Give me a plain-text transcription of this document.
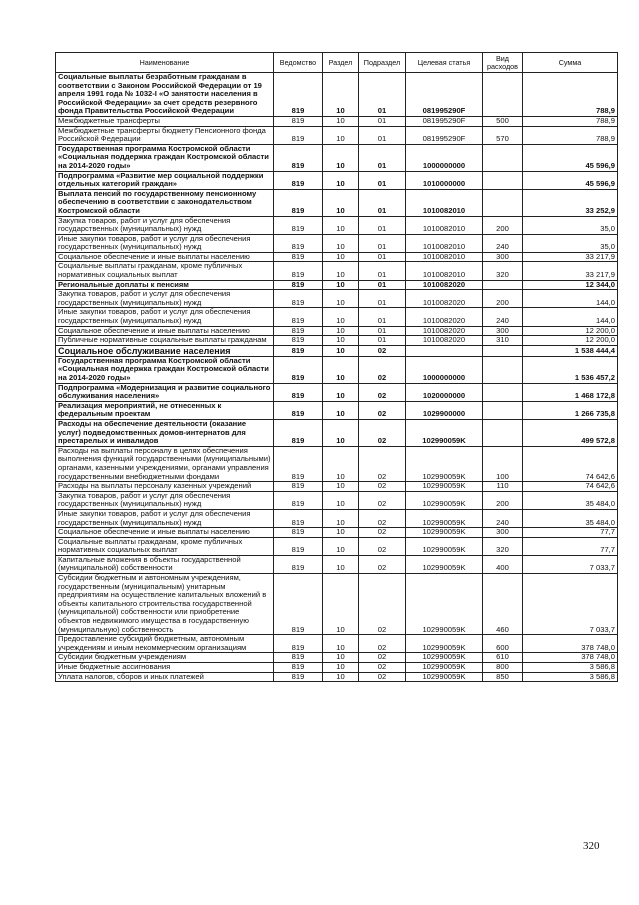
Наименование	Ведомство	Раздел	Подраздел	Целевая статья	Вид расходов	Сумма
Социальные выплаты безработным гражданам в соответствии с Законом Российской Федерации от 19 апреля 1991 года № 1032-I «О занятости населения в Российской Федерации» за счет средств резервного фонда Правительства Российской Федерации	819	10	01	081995290F		788,9
Межбюджетные трансферты	819	10	01	081995290F	500	788,9
Межбюджетные трансферты бюджету Пенсионного фонда Российской Федерации	819	10	01	081995290F	570	788,9
Государственная программа Костромской области «Социальная поддержка граждан Костромской области на 2014-2020 годы»	819	10	01	1000000000		45 596,9
Подпрограмма «Развитие мер социальной поддержки отдельных категорий граждан»	819	10	01	1010000000		45 596,9
Выплата пенсий по государственному пенсионному обеспечению в соответствии с законодательством Костромской области	819	10	01	1010082010		33 252,9
Закупка товаров, работ и услуг для обеспечения государственных (муниципальных) нужд	819	10	01	1010082010	200	35,0
Иные закупки товаров, работ и услуг для обеспечения государственных (муниципальных) нужд	819	10	01	1010082010	240	35,0
Социальное обеспечение и иные выплаты населению	819	10	01	1010082010	300	33 217,9
Социальные выплаты гражданам, кроме публичных нормативных социальных выплат	819	10	01	1010082010	320	33 217,9
Региональные доплаты к пенсиям	819	10	01	1010082020		12 344,0
Закупка товаров, работ и услуг для обеспечения государственных (муниципальных) нужд	819	10	01	1010082020	200	144,0
Иные закупки товаров, работ и услуг для обеспечения государственных (муниципальных) нужд	819	10	01	1010082020	240	144,0
Социальное обеспечение и иные выплаты населению	819	10	01	1010082020	300	12 200,0
Публичные нормативные социальные выплаты гражданам	819	10	01	1010082020	310	12 200,0
Социальное обслуживание населения	819	10	02			1 538 444,4
Государственная программа Костромской области «Социальная поддержка граждан Костромской области на 2014-2020 годы»	819	10	02	1000000000		1 536 457,2
Подпрограмма «Модернизация и развитие социального обслуживания населения»	819	10	02	1020000000		1 468 172,8
Реализация мероприятий, не отнесенных к федеральным проектам	819	10	02	1029900000		1 266 735,8
Расходы на обеспечение деятельности (оказание услуг) подведомственных домов-интернатов для престарелых и инвалидов	819	10	02	102990059K		499 572,8
Расходы на выплаты персоналу в целях обеспечения выполнения функций государственными (муниципальными) органами, казенными учреждениями, органами управления государственными внебюджетными фондами	819	10	02	102990059K	100	74 642,6
Расходы на выплаты персоналу казенных учреждений	819	10	02	102990059K	110	74 642,6
Закупка товаров, работ и услуг для обеспечения государственных (муниципальных) нужд	819	10	02	102990059K	200	35 484,0
Иные закупки товаров, работ и услуг для обеспечения государственных (муниципальных) нужд	819	10	02	102990059K	240	35 484,0
Социальное обеспечение и иные выплаты населению	819	10	02	102990059K	300	77,7
Социальные выплаты гражданам, кроме публичных нормативных социальных выплат	819	10	02	102990059K	320	77,7
Капитальные вложения в объекты государственной (муниципальной) собственности	819	10	02	102990059K	400	7 033,7
Субсидии бюджетным и автономным учреждениям, государственным (муниципальным) унитарным предприятиям на осуществление капитальных вложений в объекты капитального строительства государственной (муниципальной) собственности или приобретение объектов недвижимого имущества в государственную (муниципальную) собственность	819	10	02	102990059K	460	7 033,7
Предоставление субсидий бюджетным, автономным учреждениям и иным некоммерческим организациям	819	10	02	102990059K	600	378 748,0
Субсидии бюджетным учреждениям	819	10	02	102990059K	610	378 748,0
Иные бюджетные ассигнования	819	10	02	102990059K	800	3 586,8
Уплата налогов, сборов и иных платежей	819	10	02	102990059K	850	3 586,8
320
